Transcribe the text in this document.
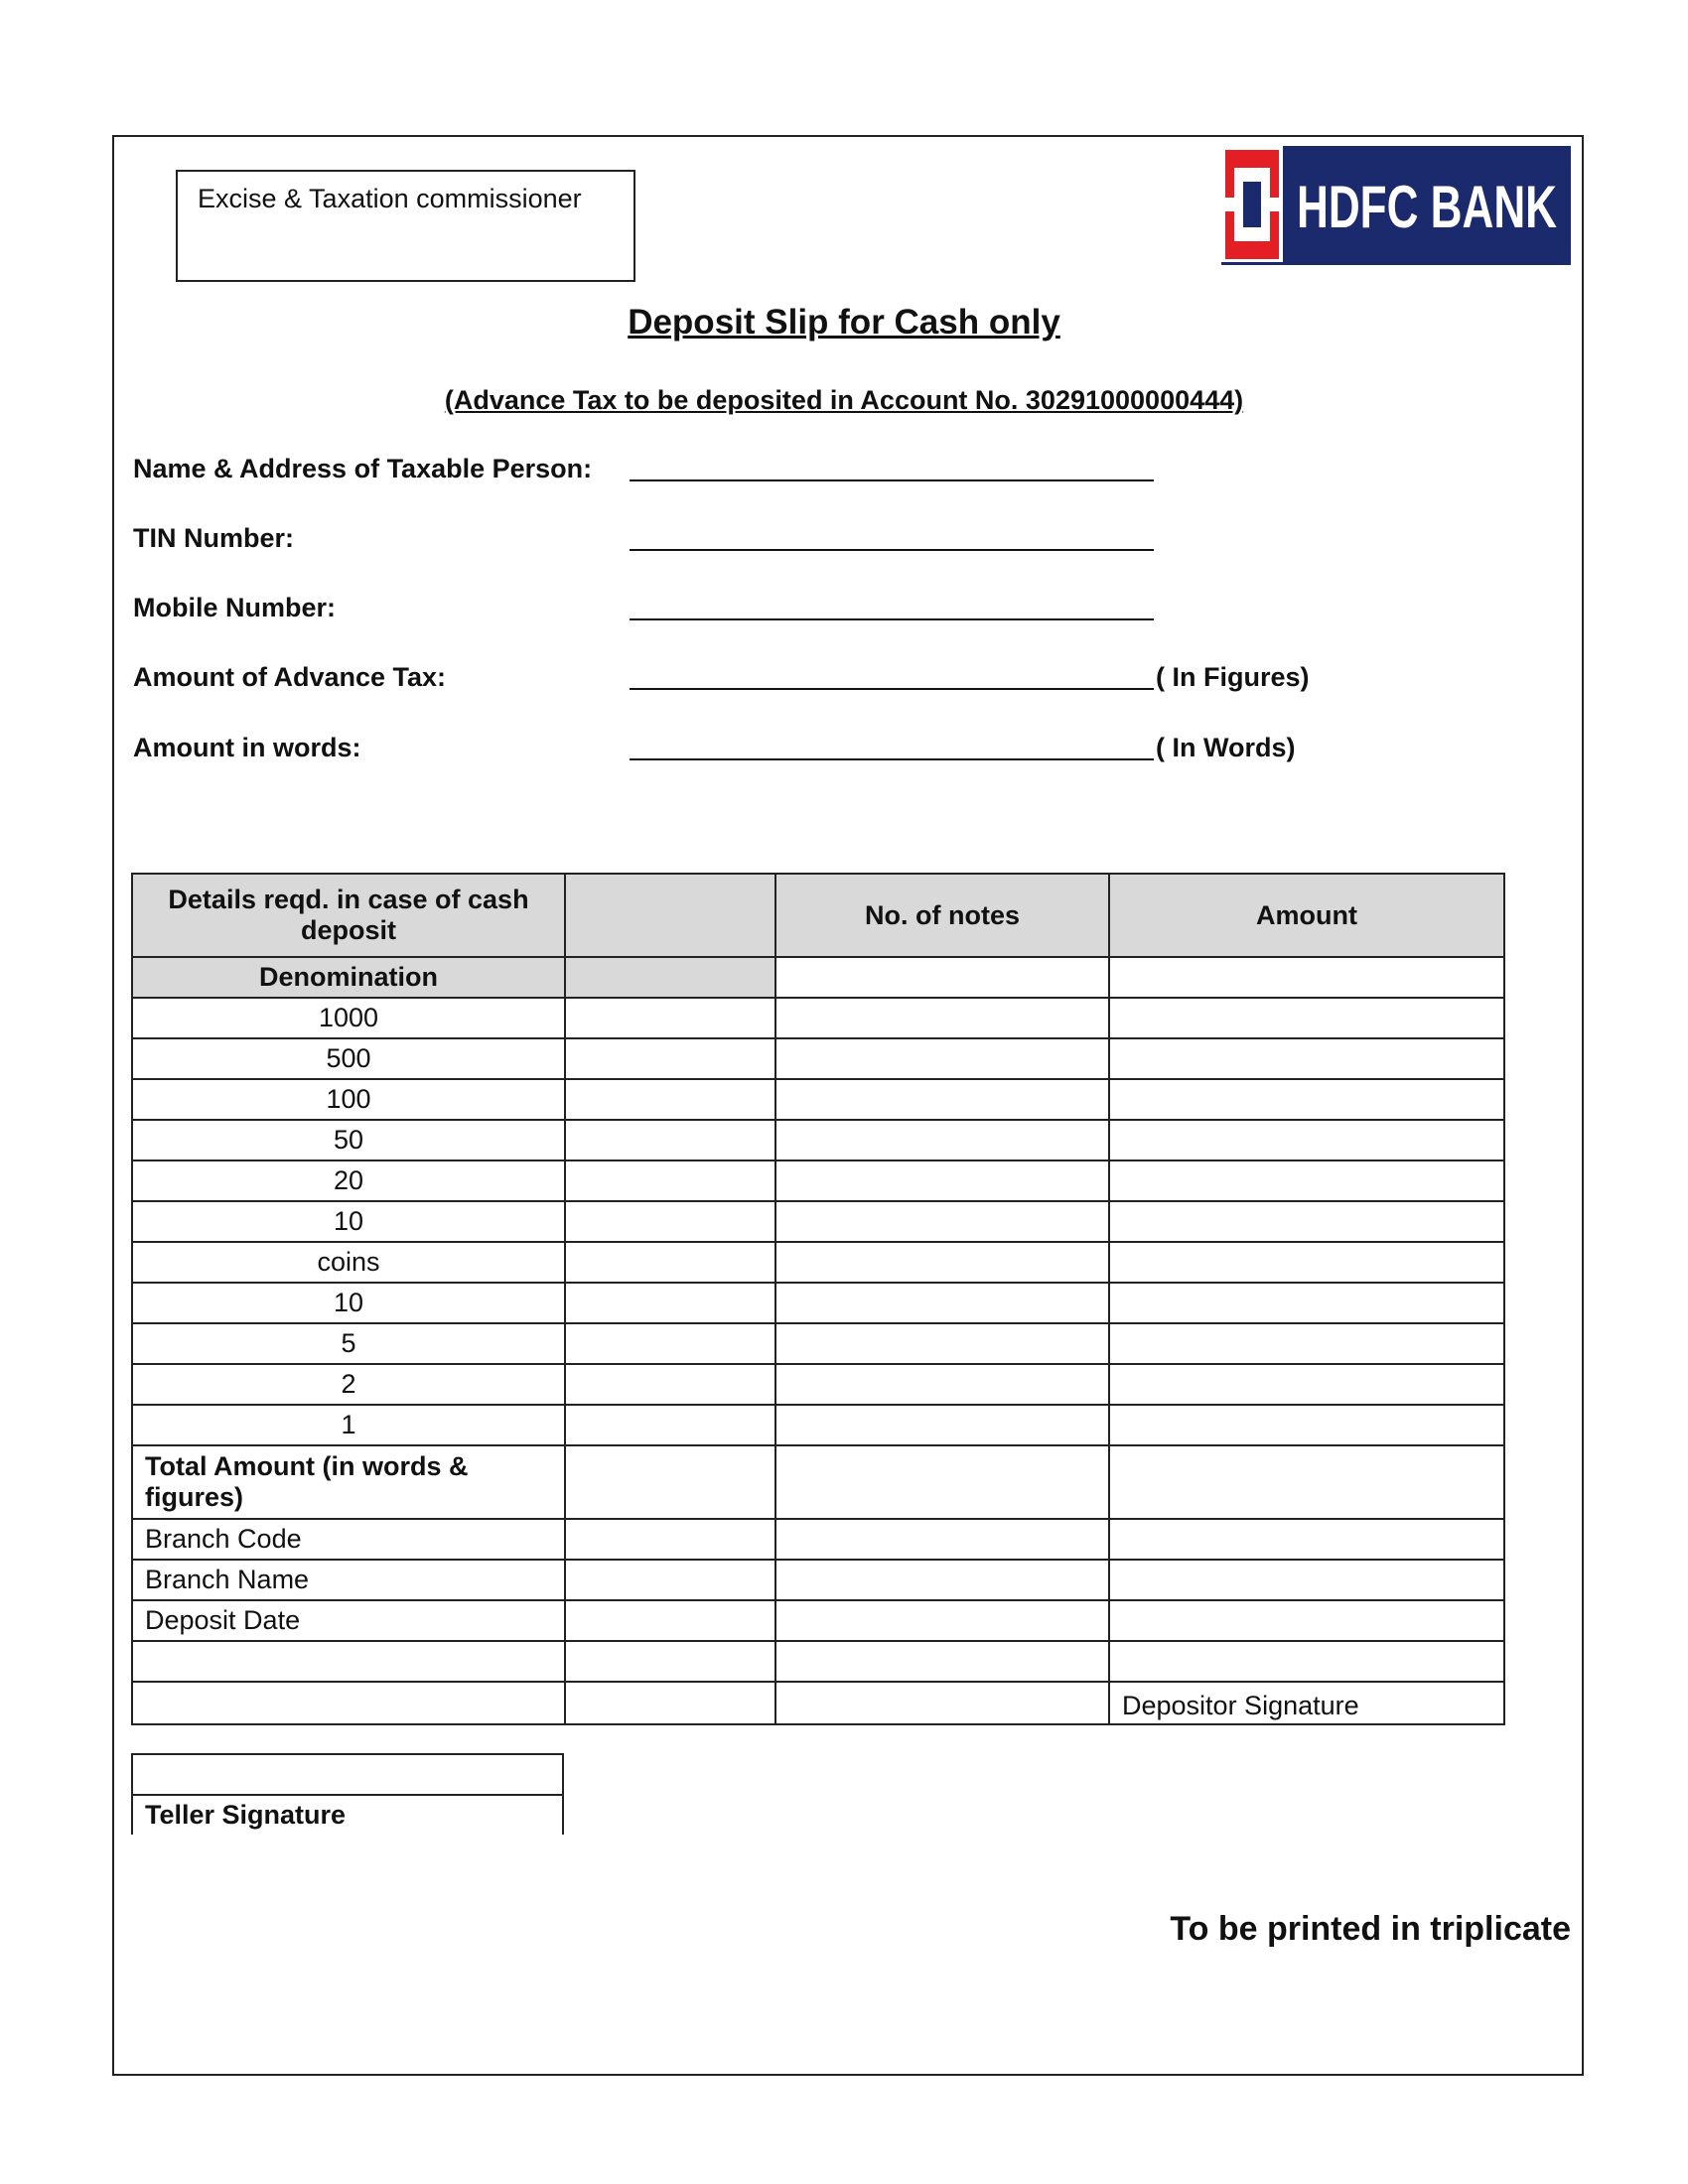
Excise & Taxation commissioner	HDFC BANK
Deposit Slip for Cash only
(Advance Tax to be deposited in Account No. 30291000000444)
Name & Address of Taxable Person:
TIN Number:
Mobile Number:
Amount of Advance Tax:	( In Figures)
Amount in words:	( In Words)
Details reqd. in case of cash deposit		No. of notes	Amount
Denomination			
1000			
500			
100			
50			
20			
10			
coins			
10			
5			
2			
1			
Total Amount (in words & figures)			
Branch Code			
Branch Name			
Deposit Date			

			Depositor Signature
Teller Signature
To be printed in triplicate
